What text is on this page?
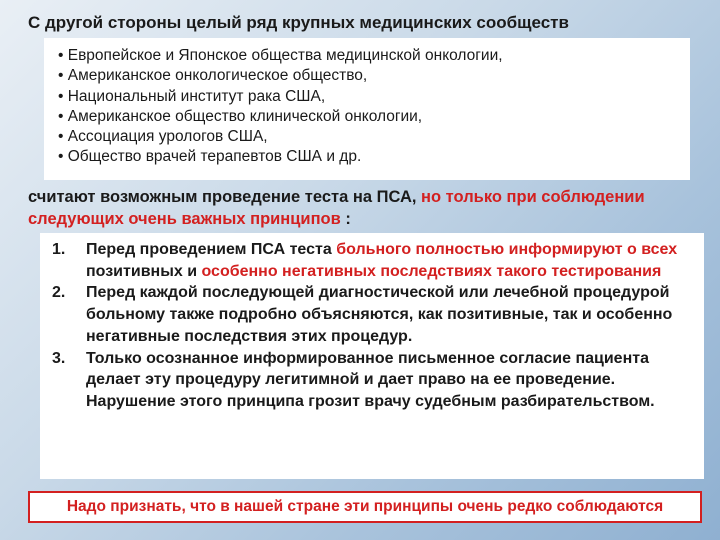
С другой стороны целый ряд крупных медицинских сообществ
• Европейское и Японское общества медицинской онкологии,
• Американское онкологическое общество,
• Национальный институт рака США,
• Американское общество клинической онкологии,
• Ассоциация урологов США,
• Общество врачей терапевтов США и др.
считают возможным проведение теста на ПСА, но только при соблюдении следующих очень важных принципов :
1. Перед проведением ПСА теста больного полностью информируют о всех позитивных и особенно негативных последствиях такого тестирования
2. Перед каждой последующей диагностической или лечебной процедурой больному также подробно объясняются, как позитивные, так и особенно негативные последствия этих процедур.
3. Только осознанное информированное письменное согласие пациента делает эту процедуру легитимной и дает право на ее проведение. Нарушение этого принципа грозит врачу судебным разбирательством.
Надо признать, что в нашей стране эти принципы очень редко соблюдаются
